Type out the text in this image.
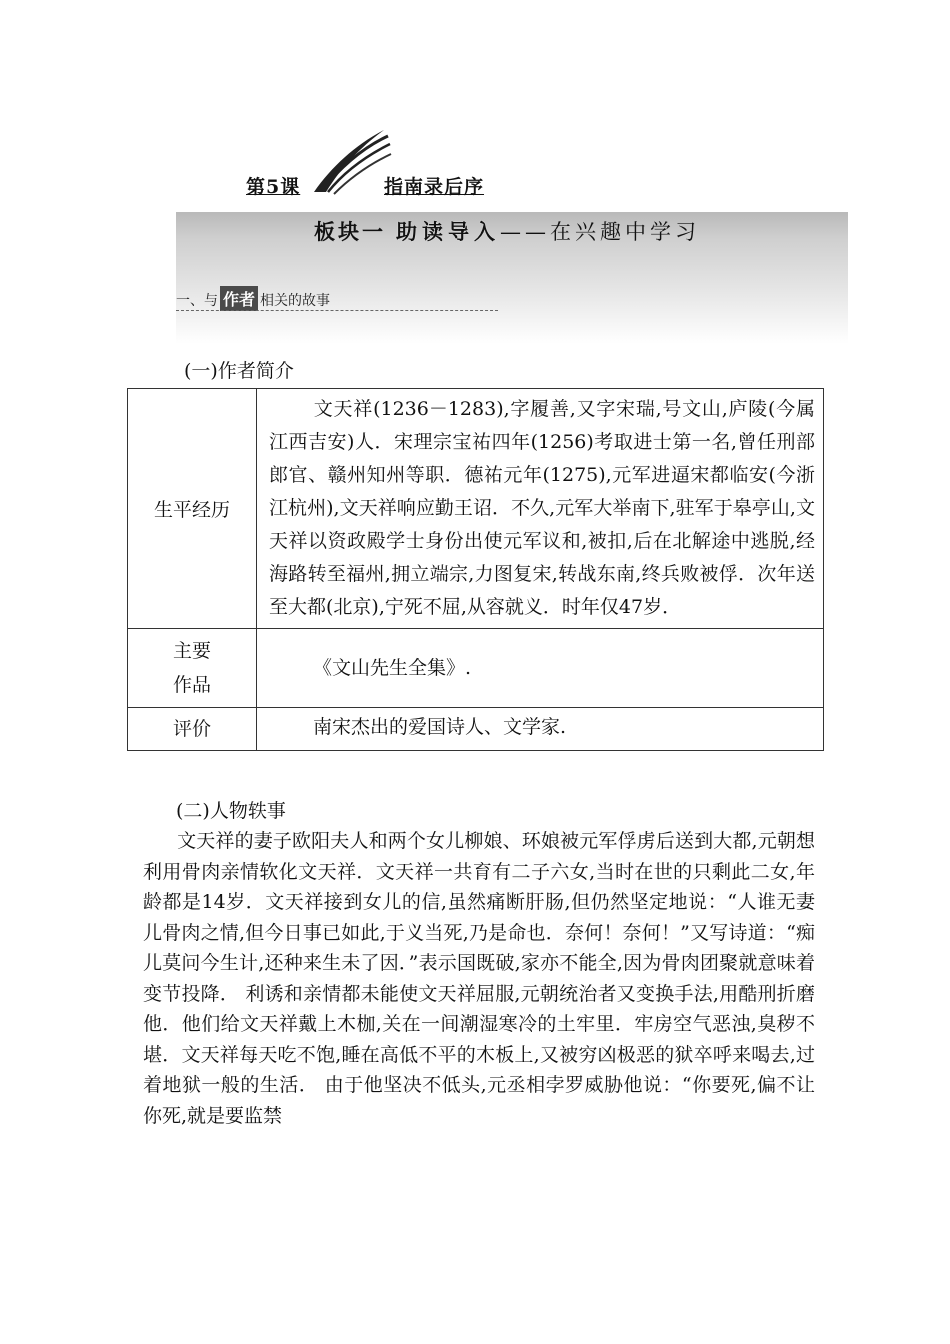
第5课	指南录后序
板块一 助读导入——在兴趣中学习
一、与 作者 相关的故事
(一)作者简介
生平经历	文天祥(1236－1283),字履善,又字宋瑞,号文山,庐陵(今属江西吉安)人．宋理宗宝祐四年(1256)考取进士第一名,曾任刑部郎官、赣州知州等职．德祐元年(1275),元军进逼宋都临安(今浙江杭州),文天祥响应勤王诏．不久,元军大举南下,驻军于皋亭山,文天祥以资政殿学士身份出使元军议和,被扣,后在北解途中逃脱,经海路转至福州,拥立端宗,力图复宋,转战东南,终兵败被俘．次年送至大都(北京),宁死不屈,从容就义．时年仅47岁．
主要
作品	《文山先生全集》.
评价	南宋杰出的爱国诗人、文学家.
(二)人物轶事
文天祥的妻子欧阳夫人和两个女儿柳娘、环娘被元军俘虏后送到大都,元朝想利用骨肉亲情软化文天祥．文天祥一共育有二子六女,当时在世的只剩此二女,年龄都是14岁．文天祥接到女儿的信,虽然痛断肝肠,但仍然坚定地说：“人谁无妻儿骨肉之情,但今日事已如此,于义当死,乃是命也．奈何！奈何！”又写诗道：“痴儿莫问今生计,还种来生未了因．”表示国既破,家亦不能全,因为骨肉团聚就意味着变节投降． 利诱和亲情都未能使文天祥屈服,元朝统治者又变换手法,用酷刑折磨他．他们给文天祥戴上木枷,关在一间潮湿寒冷的土牢里．牢房空气恶浊,臭秽不堪．文天祥每天吃不饱,睡在高低不平的木板上,又被穷凶极恶的狱卒呼来喝去,过着地狱一般的生活． 由于他坚决不低头,元丞相孛罗威胁他说：“你要死,偏不让你死,就是要监禁
